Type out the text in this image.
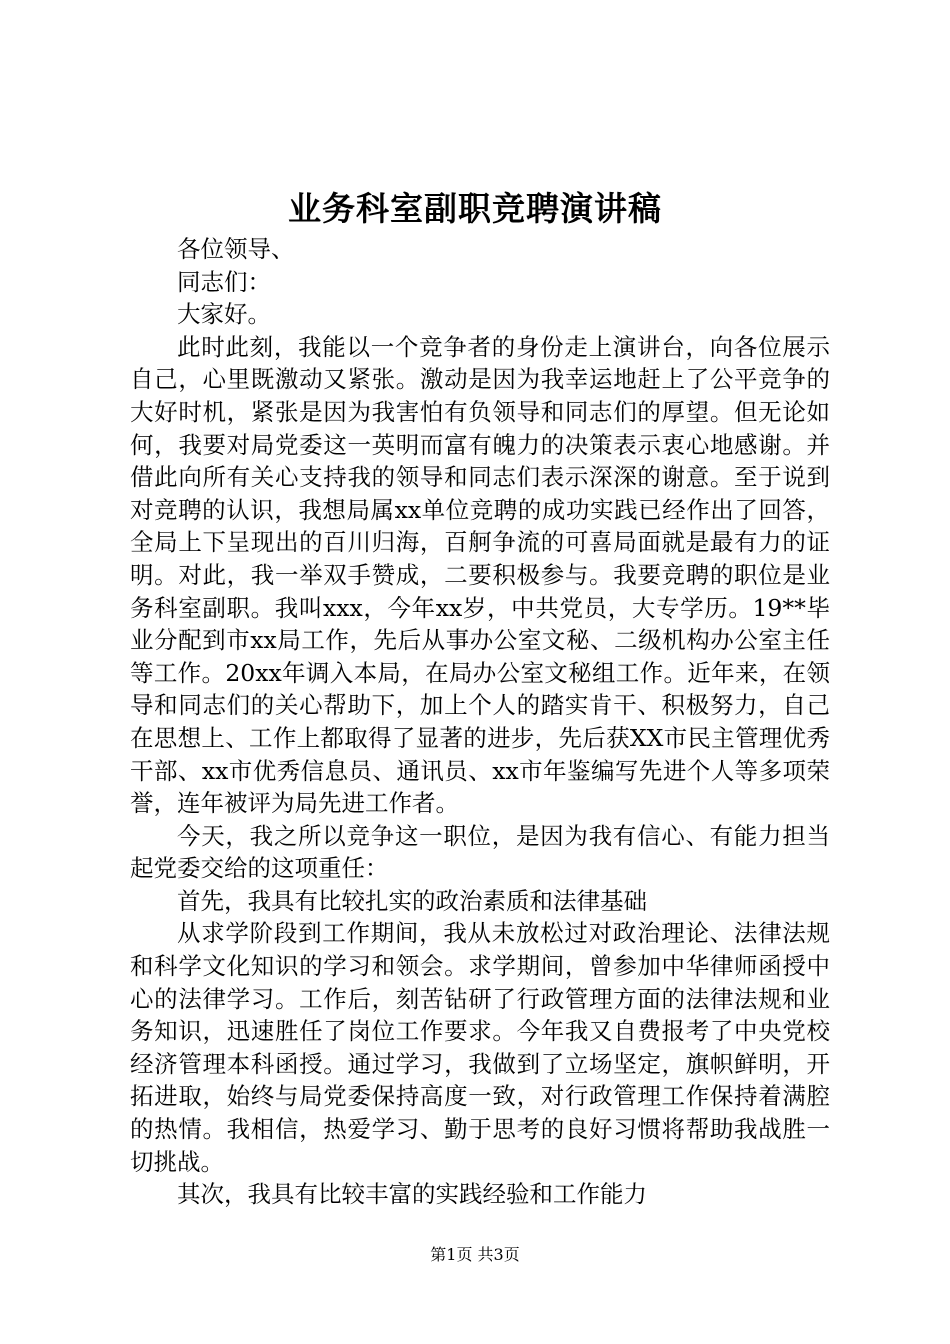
业务科室副职竞聘演讲稿

各位领导、

同志们：

大家好。

此时此刻，我能以一个竞争者的身份走上演讲台，向各位展示自己，心里既激动又紧张。激动是因为我幸运地赶上了公平竞争的大好时机，紧张是因为我害怕有负领导和同志们的厚望。但无论如何，我要对局党委这一英明而富有魄力的决策表示衷心地感谢。并借此向所有关心支持我的领导和同志们表示深深的谢意。至于说到对竞聘的认识，我想局属xx单位竞聘的成功实践已经作出了回答，全局上下呈现出的百川归海，百舸争流的可喜局面就是最有力的证明。对此，我一举双手赞成，二要积极参与。我要竞聘的职位是业务科室副职。我叫xxx，今年xx岁，中共党员，大专学历。19**毕业分配到市xx局工作，先后从事办公室文秘、二级机构办公室主任等工作。20xx年调入本局，在局办公室文秘组工作。近年来，在领导和同志们的关心帮助下，加上个人的踏实肯干、积极努力，自己在思想上、工作上都取得了显著的进步，先后获XX市民主管理优秀干部、xx市优秀信息员、通讯员、xx市年鉴编写先进个人等多项荣誉，连年被评为局先进工作者。

今天，我之所以竞争这一职位，是因为我有信心、有能力担当起党委交给的这项重任：

首先，我具有比较扎实的政治素质和法律基础

从求学阶段到工作期间，我从未放松过对政治理论、法律法规和科学文化知识的学习和领会。求学期间，曾参加中华律师函授中心的法律学习。工作后，刻苦钻研了行政管理方面的法律法规和业务知识，迅速胜任了岗位工作要求。今年我又自费报考了中央党校经济管理本科函授。通过学习，我做到了立场坚定，旗帜鲜明，开拓进取，始终与局党委保持高度一致，对行政管理工作保持着满腔的热情。我相信，热爱学习、勤于思考的良好习惯将帮助我战胜一切挑战。

其次，我具有比较丰富的实践经验和工作能力

第1页 共3页
